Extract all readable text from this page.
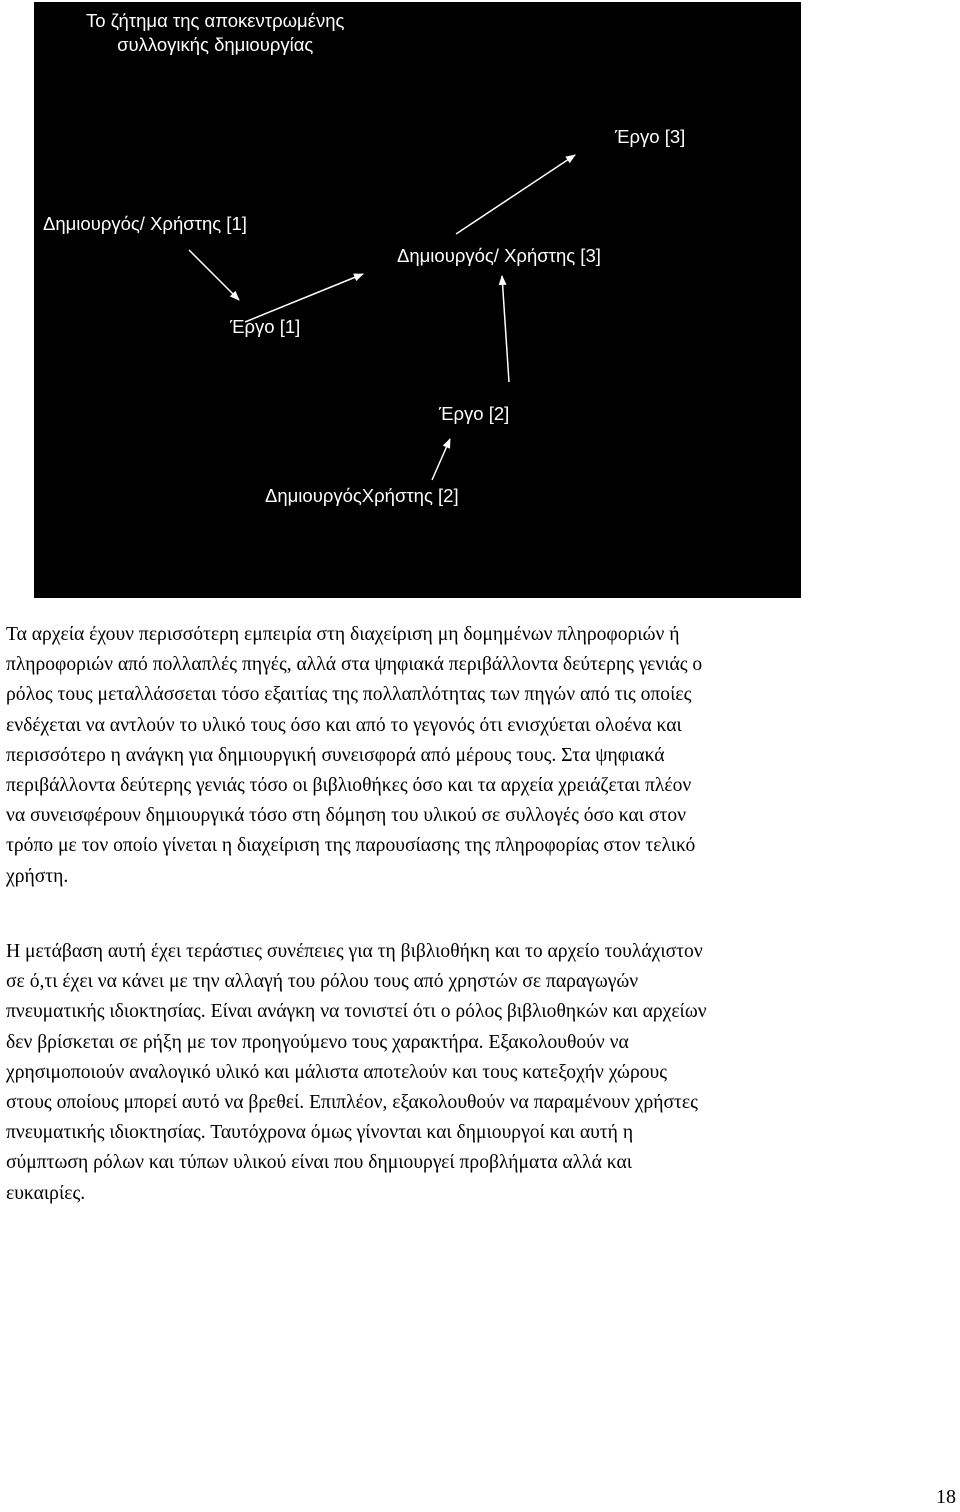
Το ζήτημα της αποκεντρωμένης
συλλογικής δημιουργίας
Έργο [3]
Δημιουργός/ Χρήστης [1]
Δημιουργός/ Χρήστης [3]
Έργο [1]
Έργο [2]
ΔημιουργόςΧρήστης [2]
Τα αρχεία έχουν περισσότερη εμπειρία στη διαχείριση μη δομημένων πληροφοριών ή
πληροφοριών από πολλαπλές πηγές, αλλά στα ψηφιακά περιβάλλοντα δεύτερης γενιάς ο
ρόλος τους μεταλλάσσεται τόσο εξαιτίας της πολλαπλότητας των πηγών από τις οποίες
ενδέχεται να αντλούν το υλικό τους όσο και από το γεγονός ότι ενισχύεται ολοένα και
περισσότερο η ανάγκη για δημιουργική συνεισφορά από μέρους τους. Στα ψηφιακά
περιβάλλοντα δεύτερης γενιάς τόσο οι βιβλιοθήκες όσο και τα αρχεία χρειάζεται πλέον
να συνεισφέρουν δημιουργικά τόσο στη δόμηση του υλικού σε συλλογές όσο και στον
τρόπο με τον οποίο γίνεται η διαχείριση της παρουσίασης της πληροφορίας στον τελικό
χρήστη.
Η μετάβαση αυτή έχει τεράστιες συνέπειες για τη βιβλιοθήκη και το αρχείο τουλάχιστον
σε ό,τι έχει να κάνει με την αλλαγή του ρόλου τους από χρηστών σε παραγωγών
πνευματικής ιδιοκτησίας. Είναι ανάγκη να τονιστεί ότι ο ρόλος βιβλιοθηκών και αρχείων
δεν βρίσκεται σε ρήξη με τον προηγούμενο τους χαρακτήρα. Εξακολουθούν να
χρησιμοποιούν αναλογικό υλικό και μάλιστα αποτελούν και τους κατεξοχήν χώρους
στους οποίους μπορεί αυτό να βρεθεί. Επιπλέον, εξακολουθούν να παραμένουν χρήστες
πνευματικής ιδιοκτησίας. Ταυτόχρονα όμως γίνονται και δημιουργοί και αυτή η
σύμπτωση ρόλων και τύπων υλικού είναι που δημιουργεί προβλήματα αλλά και
ευκαιρίες.
18
